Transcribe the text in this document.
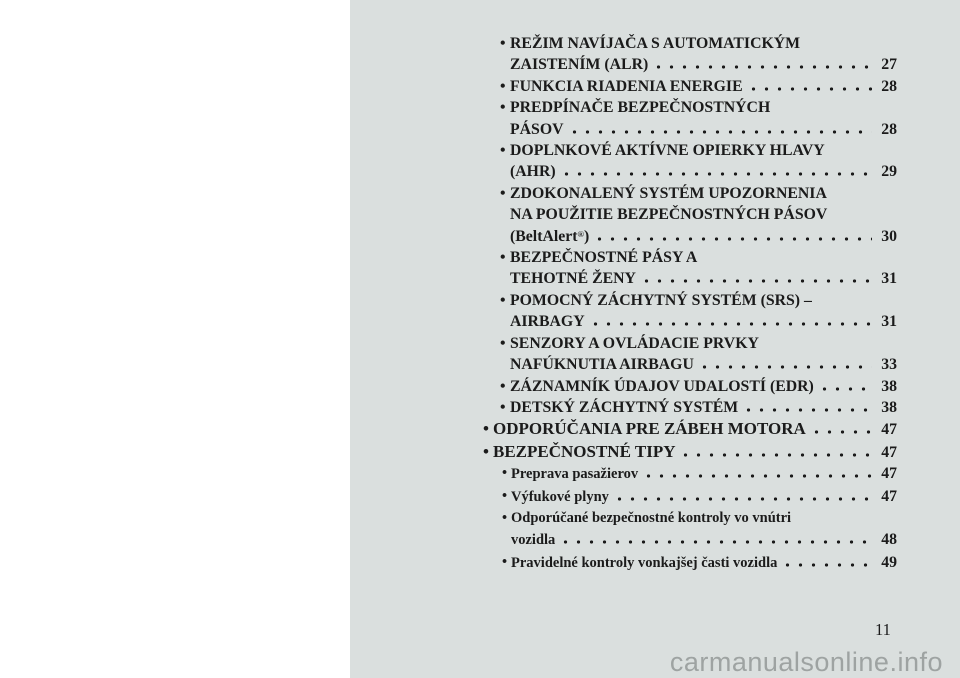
• REŽIM NAVÍJAČA S AUTOMATICKÝM
ZAISTENÍM (ALR)	27
• FUNKCIA RIADENIA ENERGIE	28
• PREDPÍNAČE BEZPEČNOSTNÝCH
PÁSOV	28
• DOPLNKOVÉ AKTÍVNE OPIERKY HLAVY
(AHR)	29
• ZDOKONALENÝ SYSTÉM UPOZORNENIA
NA POUŽITIE BEZPEČNOSTNÝCH PÁSOV
(BeltAlert®)	30
• BEZPEČNOSTNÉ PÁSY A
TEHOTNÉ ŽENY	31
• POMOCNÝ ZÁCHYTNÝ SYSTÉM (SRS) –
AIRBAGY	31
• SENZORY A OVLÁDACIE PRVKY
NAFÚKNUTIA AIRBAGU	33
• ZÁZNAMNÍK ÚDAJOV UDALOSTÍ (EDR)	38
• DETSKÝ ZÁCHYTNÝ SYSTÉM	38
• ODPORÚČANIA PRE ZÁBEH MOTORA	47
• BEZPEČNOSTNÉ TIPY	47
• Preprava pasažierov	47
• Výfukové plyny	47
• Odporúčané bezpečnostné kontroly vo vnútri
vozidla	48
• Pravidelné kontroly vonkajšej časti vozidla	49
11
carmanualsonline.info
